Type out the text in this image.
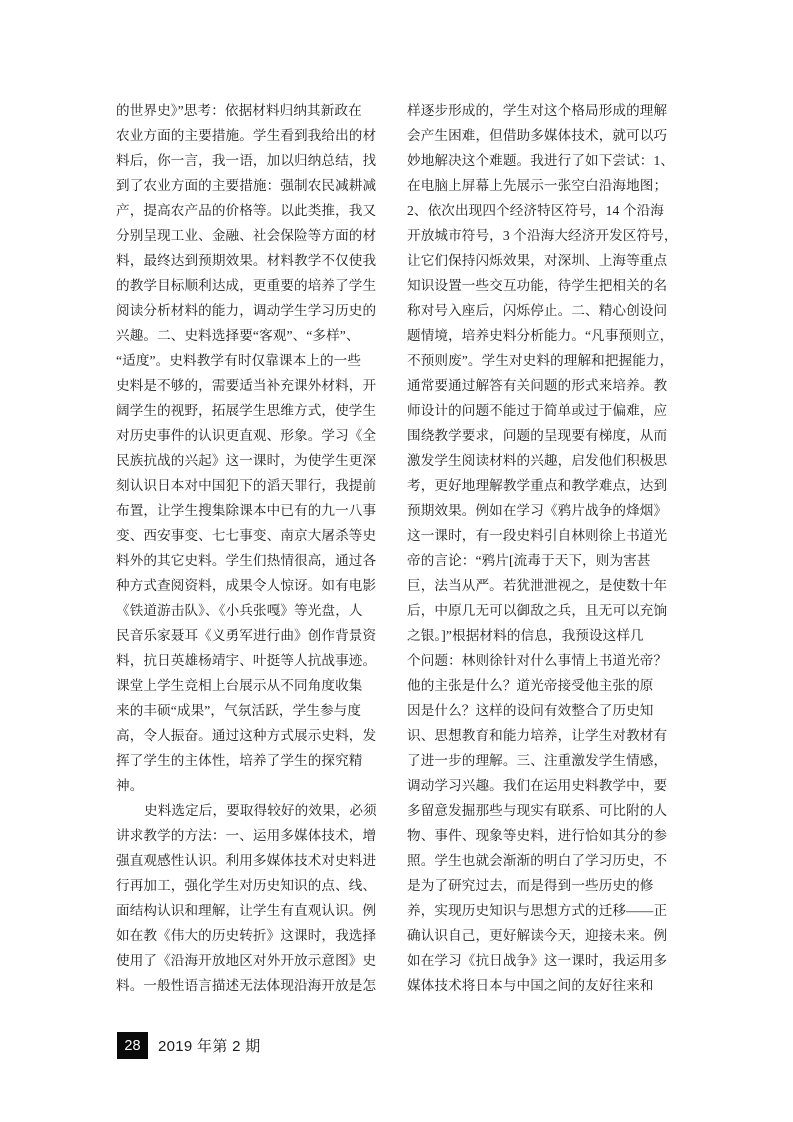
的世界史》”思考：依据材料归纳其新政在
农业方面的主要措施。学生看到我给出的材
料后，你一言，我一语，加以归纳总结，找
到了农业方面的主要措施：强制农民减耕减
产，提高农产品的价格等。以此类推，我又
分别呈现工业、金融、社会保险等方面的材
料，最终达到预期效果。材料教学不仅使我
的教学目标顺利达成，更重要的培养了学生
阅读分析材料的能力，调动学生学习历史的
兴趣。二、史料选择要“客观”、“多样”、
“适度”。史料教学有时仅靠课本上的一些
史料是不够的，需要适当补充课外材料，开
阔学生的视野，拓展学生思维方式，使学生
对历史事件的认识更直观、形象。学习《全
民族抗战的兴起》这一课时，为使学生更深
刻认识日本对中国犯下的滔天罪行，我提前
布置，让学生搜集除课本中已有的九一八事
变、西安事变、七七事变、南京大屠杀等史
料外的其它史料。学生们热情很高，通过各
种方式查阅资料，成果令人惊讶。如有电影
《铁道游击队》、《小兵张嘎》等光盘，人
民音乐家聂耳《义勇军进行曲》创作背景资
料，抗日英雄杨靖宇、叶挺等人抗战事迹。
课堂上学生竞相上台展示从不同角度收集
来的丰硕“成果”，气氛活跃，学生参与度
高，令人振奋。通过这种方式展示史料，发
挥了学生的主体性，培养了学生的探究精
神。
史料选定后，要取得较好的效果，必须
讲求教学的方法：一、运用多媒体技术，增
强直观感性认识。利用多媒体技术对史料进
行再加工，强化学生对历史知识的点、线、
面结构认识和理解，让学生有直观认识。例
如在教《伟大的历史转折》这课时，我选择
使用了《沿海开放地区对外开放示意图》史
料。一般性语言描述无法体现沿海开放是怎
样逐步形成的，学生对这个格局形成的理解
会产生困难，但借助多媒体技术，就可以巧
妙地解决这个难题。我进行了如下尝试：1、
在电脑上屏幕上先展示一张空白沿海地图；
2、依次出现四个经济特区符号，14 个沿海
开放城市符号，3 个沿海大经济开发区符号，
让它们保持闪烁效果，对深圳、上海等重点
知识设置一些交互功能，待学生把相关的名
称对号入座后，闪烁停止。二、精心创设问
题情境，培养史料分析能力。“凡事预则立，
不预则废”。学生对史料的理解和把握能力，
通常要通过解答有关问题的形式来培养。教
师设计的问题不能过于简单或过于偏难，应
围绕教学要求，问题的呈现要有梯度，从而
激发学生阅读材料的兴趣，启发他们积极思
考，更好地理解教学重点和教学难点，达到
预期效果。例如在学习《鸦片战争的烽烟》
这一课时，有一段史料引自林则徐上书道光
帝的言论：“鸦片[流毒于天下，则为害甚
巨，法当从严。若犹泄泄视之，是使数十年
后，中原几无可以御敌之兵，且无可以充饷
之银。]”根据材料的信息，我预设这样几
个问题：林则徐针对什么事情上书道光帝？
他的主张是什么？道光帝接受他主张的原
因是什么？这样的设问有效整合了历史知
识、思想教育和能力培养，让学生对教材有
了进一步的理解。三、注重激发学生情感，
调动学习兴趣。我们在运用史料教学中，要
多留意发掘那些与现实有联系、可比附的人
物、事件、现象等史料，进行恰如其分的参
照。学生也就会渐渐的明白了学习历史，不
是为了研究过去，而是得到一些历史的修
养，实现历史知识与思想方式的迁移——正
确认识自己，更好解读今天，迎接未来。例
如在学习《抗日战争》这一课时，我运用多
媒体技术将日本与中国之间的友好往来和
28	2019 年第 2 期
